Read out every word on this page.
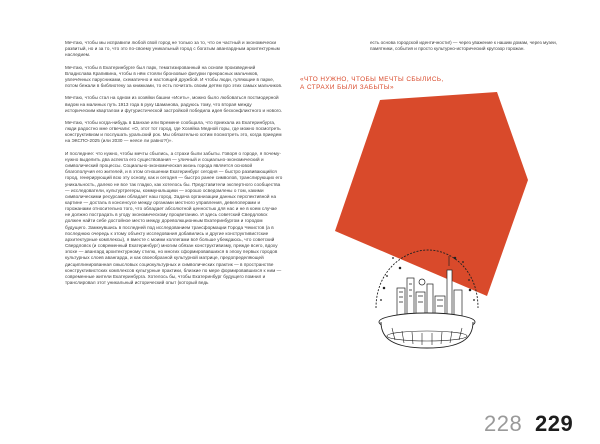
Мечтаю, чтобы мы исправили любой свой город не только за то, что он частный и экономически развитый, но и за то, что это по-своему уникальный город с богатым авангардным архитектурным наследием.

Мечтаю, чтобы в Екатеринбурге был парк, тематизированный на основе произведений Владислава Крапивина, чтобы в нём стояли бронзовые фигурки прекрасных мальчиков, увлечённых парусниками, схематично и настоящей дружбой. И чтобы люди, гуляющие в парке, потом бежали в библиотеку за книжками, то есть почитать своим детям про этих самых мальчиков.

Мечтаю, чтобы стал на одном из хозяйки башни «Исеть», можно было любоваться постмодерной видом на малиных путь 1913 года в руку Шаманова, радуюсь тому, что вторая между историческим кварталом и футуристической застройкой победила идея бесконфликтного и нового.

Мечтаю, чтобы когда-нибудь в Шанхае или Бремене сообщала, что приехала из Екатеринбурга, люди радостно мне отвечали: «О, этот тот город, где Хозяйка Медной горы, где можно посмотреть конструктивизм и послушать уральский рок. Мы обязательно хотим посмотреть это, когда приедем на ЭКСПО-2025 (или 2030 — неясе ли равно?!)».

И последнее: что нужно, чтобы мечты сбылись, а страхи были забыты. Говоря о городе, я почему-нужно выделить два аспекта его существования — уличный и социально-экономический и символический процессы. Социально-экономическая жизнь города является основой благополучия его жителей, и в этом отношении Екатеринбург сегодня — быстро развивающийся город, генерирующий всю эту основу, как и сегодня — быстро ранее символов, транслирующих его уникальность, далеко не все так гладко, как хотелось бы. Представители экспертного сообщества — исследователи, культуртрегеры, коммунальщики — хорошо осведомлены о том, какими символическими ресурсами обладает наш город. Задача организации данных перспективной на картине — досталь в консенсусе между органами местного управления, девелоперами и горожанами относительно того, что обладает абсолютной ценностью для нас и не в коем случае не должно пострадать в угоду экономическому процветанию. И здесь советский Свердловск должен найти себе достойное место между дореволюционным Екатеринбургом и городом будущего. Замкнувшись в последней под исследованием трансформации Города Чекистов (а в последнюю очередь к этому объекту исследования добавились и другие конструктивистские архитектурные комплексы), я вместе с моими коллегами всё больше убеждаюсь, что советский Свердловск (и современный Екатеринбург) многим обязан конструктивизму, прежде всего, вдоху эпохе — авангард архитектурному стилю, но многих сформировавшихся в эпоху первых городов культурных слоев авангарда, и как своеобразной культурной матрице, предопределяющей дисциплинированная смысловых социокультурных и символических практик — в пространстве конструктивистских комплексов культурные практики, близкие по мере формировавшихся к ним — современные жители Екатеринбурга. Хотелось бы, чтобы Екатеринбург будущего помнил и транслировал этот уникальный исторический опыт (который ведь

есть основа городской идентичности!) — через уважение к нашим домам, через музеи, памятники, события и просто культурно-исторический кругозор горожан.

«ЧТО НУЖНО, ЧТОБЫ МЕЧТЫ СБЫЛИСЬ,
А СТРАХИ БЫЛИ ЗАБЫТЫ»
228 229
